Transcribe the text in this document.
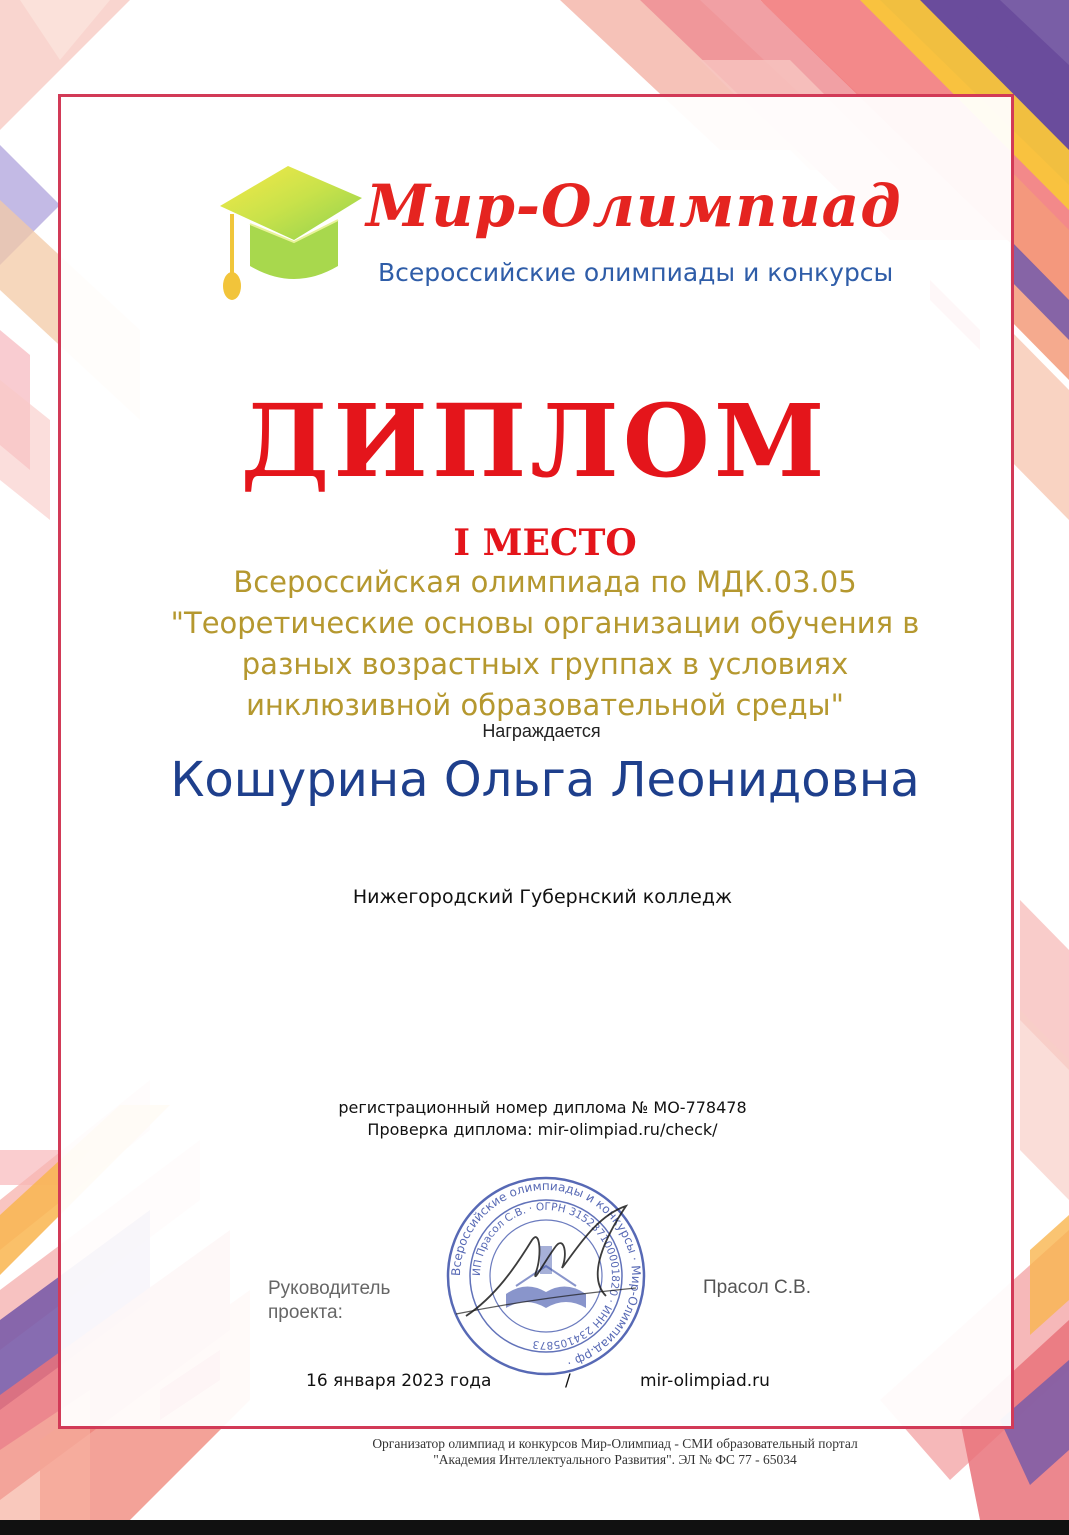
Мир-Олимпиад
Всероссийские олимпиады и конкурсы
ДИПЛОМ
I МЕСТО
Всероссийская олимпиада по МДК.03.05
"Теоретические основы организации обучения в
разных возрастных группах в условиях
инклюзивной образовательной среды"
Награждается
Кошурина Ольга Леонидовна
Нижегородский Губернский колледж
регистрационный номер диплома № МО-778478
Проверка диплома: mir-olimpiad.ru/check/
Руководитель
проекта:
Всероссийские олимпиады и конкурсы · Мир-Олимпиад.рф ·
ИП Прасол С.В. · ОГРН 315237100001820 · ИНН 234105873
Прасол С.В.
16 января 2023 года	/	mir-olimpiad.ru
Организатор олимпиад и конкурсов Мир-Олимпиад - СМИ образовательный портал
"Академия Интеллектуального Развития". ЭЛ № ФС 77 - 65034
